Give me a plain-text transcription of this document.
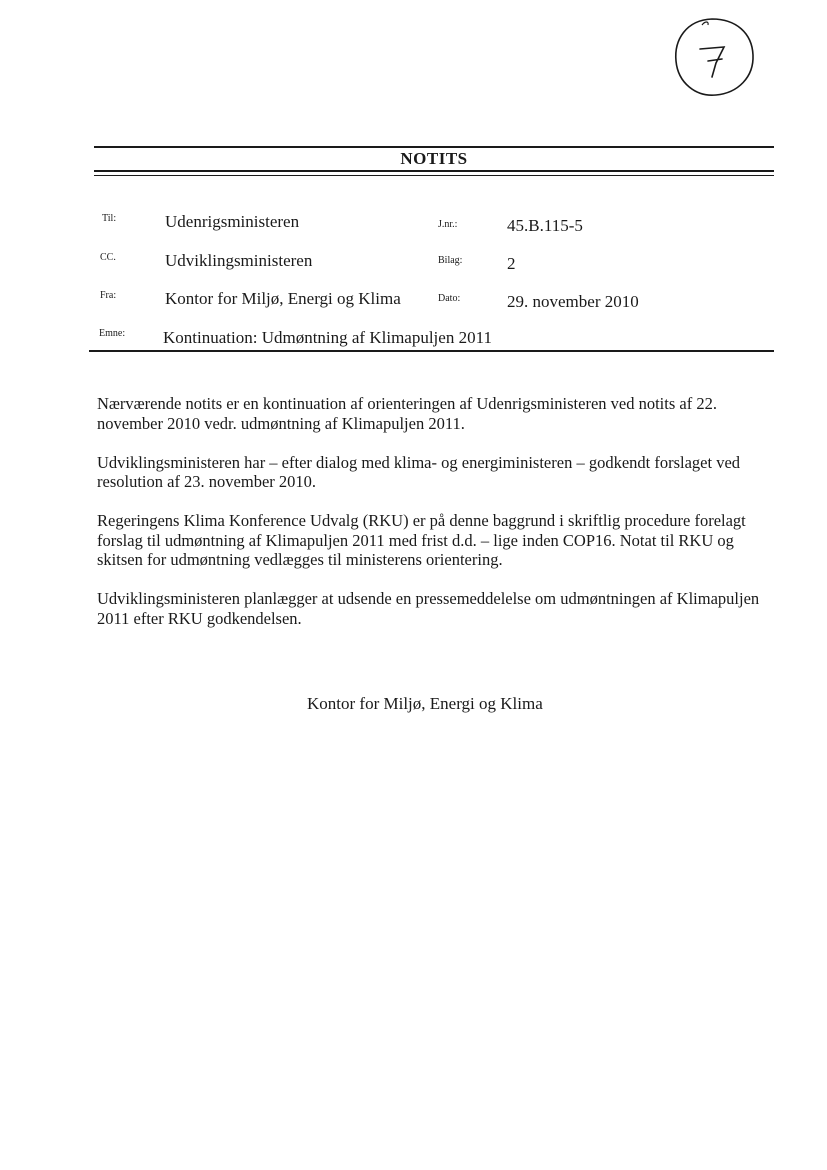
NOTITS
Til:	Udenrigsministeren	J.nr.:	45.B.115-5
CC.	Udviklingsministeren	Bilag:	2
Fra:	Kontor for Miljø, Energi og Klima	Dato:	29. november 2010
Emne: Kontinuation: Udmøntning af Klimapuljen 2011

Nærværende notits er en kontinuation af orienteringen af Udenrigsministeren ved notits af 22. november 2010 vedr. udmøntning af Klimapuljen 2011.

Udviklingsministeren har – efter dialog med klima- og energiministeren – godkendt forslaget ved resolution af 23. november 2010.

Regeringens Klima Konference Udvalg (RKU) er på denne baggrund i skriftlig procedure forelagt forslag til udmøntning af Klimapuljen 2011 med frist d.d. – lige inden COP16. Notat til RKU og skitsen for udmøntning vedlægges til ministerens orientering.

Udviklingsministeren planlægger at udsende en pressemeddelelse om udmøntningen af Klimapuljen 2011 efter RKU godkendelsen.

Kontor for Miljø, Energi og Klima
